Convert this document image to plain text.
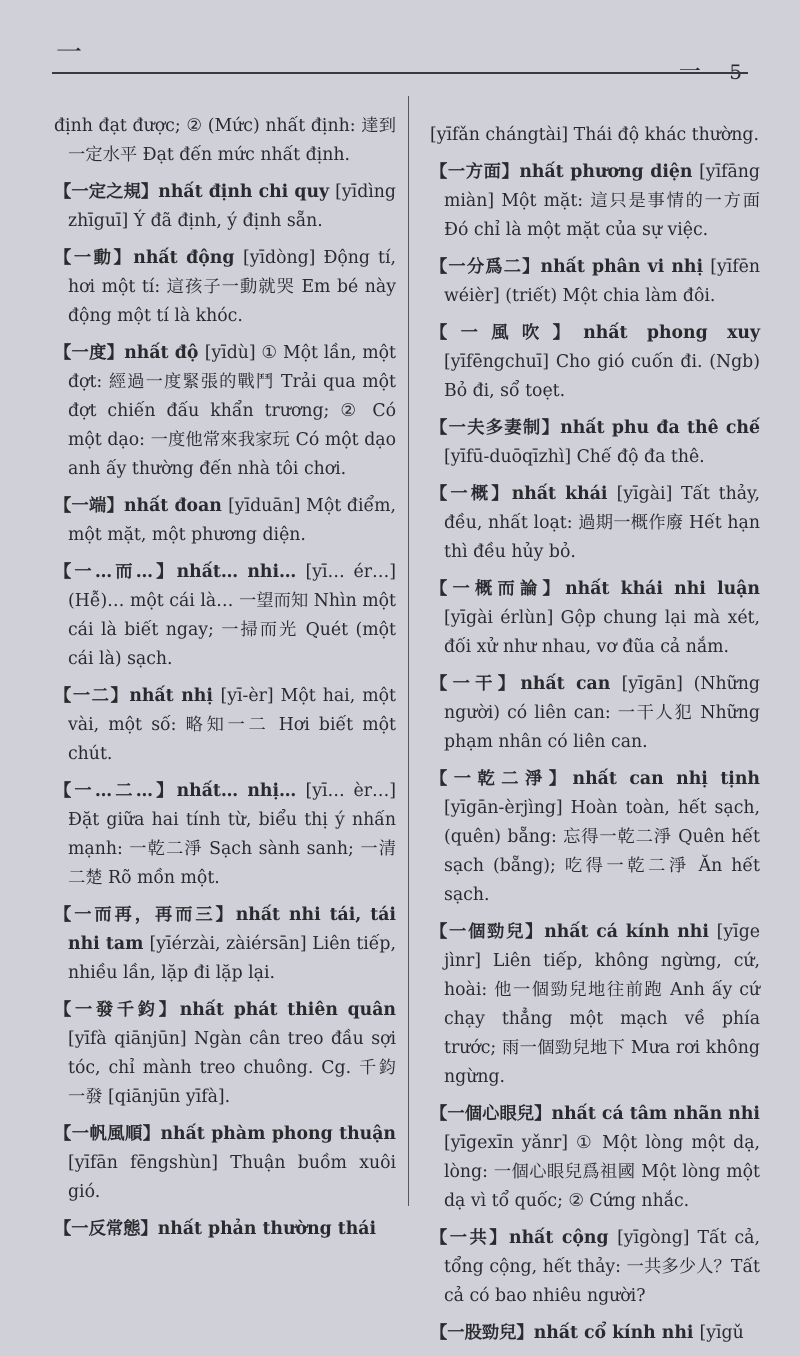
一
一 5
định đạt được; ② (Mức) nhất định: 達到一定水平 Đạt đến mức nhất định.
【一定之規】nhất định chi quy [yīdìng zhīguī] Ý đã định, ý định sẵn.
【一動】nhất động [yīdòng] Động tí, hơi một tí: 這孩子一動就哭 Em bé này động một tí là khóc.
【一度】nhất độ [yīdù] ① Một lần, một đợt: 經過一度緊張的戰鬥 Trải qua một đợt chiến đấu khẩn trương; ② Có một dạo: 一度他常來我家玩 Có một dạo anh ấy thường đến nhà tôi chơi.
【一端】nhất đoan [yīduān] Một điểm, một mặt, một phương diện.
【一…而…】nhất… nhi… [yī… ér…] (Hễ)… một cái là… 一望而知 Nhìn một cái là biết ngay; 一掃而光 Quét (một cái là) sạch.
【一二】nhất nhị [yī-èr] Một hai, một vài, một số: 略知一二 Hơi biết một chút.
【一…二…】nhất… nhị… [yī… èr…] Đặt giữa hai tính từ, biểu thị ý nhấn mạnh: 一乾二淨 Sạch sành sanh; 一清二楚 Rõ mồn một.
【一而再，再而三】nhất nhi tái, tái nhi tam [yīérzài, zàiérsān] Liên tiếp, nhiều lần, lặp đi lặp lại.
【一發千鈞】nhất phát thiên quân [yīfà qiānjūn] Ngàn cân treo đầu sợi tóc, chỉ mành treo chuông. Cg. 千鈞一發 [qiānjūn yīfà].
【一帆風順】nhất phàm phong thuận [yīfān fēngshùn] Thuận buồm xuôi gió.
【一反常態】nhất phản thường thái
[yīfǎn chángtài] Thái độ khác thường.
【一方面】nhất phương diện [yīfāng miàn] Một mặt: 這只是事情的一方面 Đó chỉ là một mặt của sự việc.
【一分爲二】nhất phân vi nhị [yīfēn wéièr] (triết) Một chia làm đôi.
【一風吹】nhất phong xuy [yīfēngchuī] Cho gió cuốn đi. (Ngb) Bỏ đi, sổ toẹt.
【一夫多妻制】nhất phu đa thê chế [yīfū-duōqīzhì] Chế độ đa thê.
【一概】nhất khái [yīgài] Tất thảy, đều, nhất loạt: 過期一概作廢 Hết hạn thì đều hủy bỏ.
【一概而論】nhất khái nhi luận [yīgài érlùn] Gộp chung lại mà xét, đối xử như nhau, vơ đũa cả nắm.
【一干】nhất can [yīgān] (Những người) có liên can: 一干人犯 Những phạm nhân có liên can.
【一乾二淨】nhất can nhị tịnh [yīgān-èrjìng] Hoàn toàn, hết sạch, (quên) bẵng: 忘得一乾二淨 Quên hết sạch (bẵng); 吃得一乾二淨 Ăn hết sạch.
【一個勁兒】nhất cá kính nhi [yīge jìnr] Liên tiếp, không ngừng, cứ, hoài: 他一個勁兒地往前跑 Anh ấy cứ chạy thẳng một mạch về phía trước; 雨一個勁兒地下 Mưa rơi không ngừng.
【一個心眼兒】nhất cá tâm nhãn nhi [yīgexīn yǎnr] ① Một lòng một dạ, lòng: 一個心眼兒爲祖國 Một lòng một dạ vì tổ quốc; ② Cứng nhắc.
【一共】nhất cộng [yīgòng] Tất cả, tổng cộng, hết thảy: 一共多少人？Tất cả có bao nhiêu người?
【一股勁兒】nhất cổ kính nhi [yīgǔ
